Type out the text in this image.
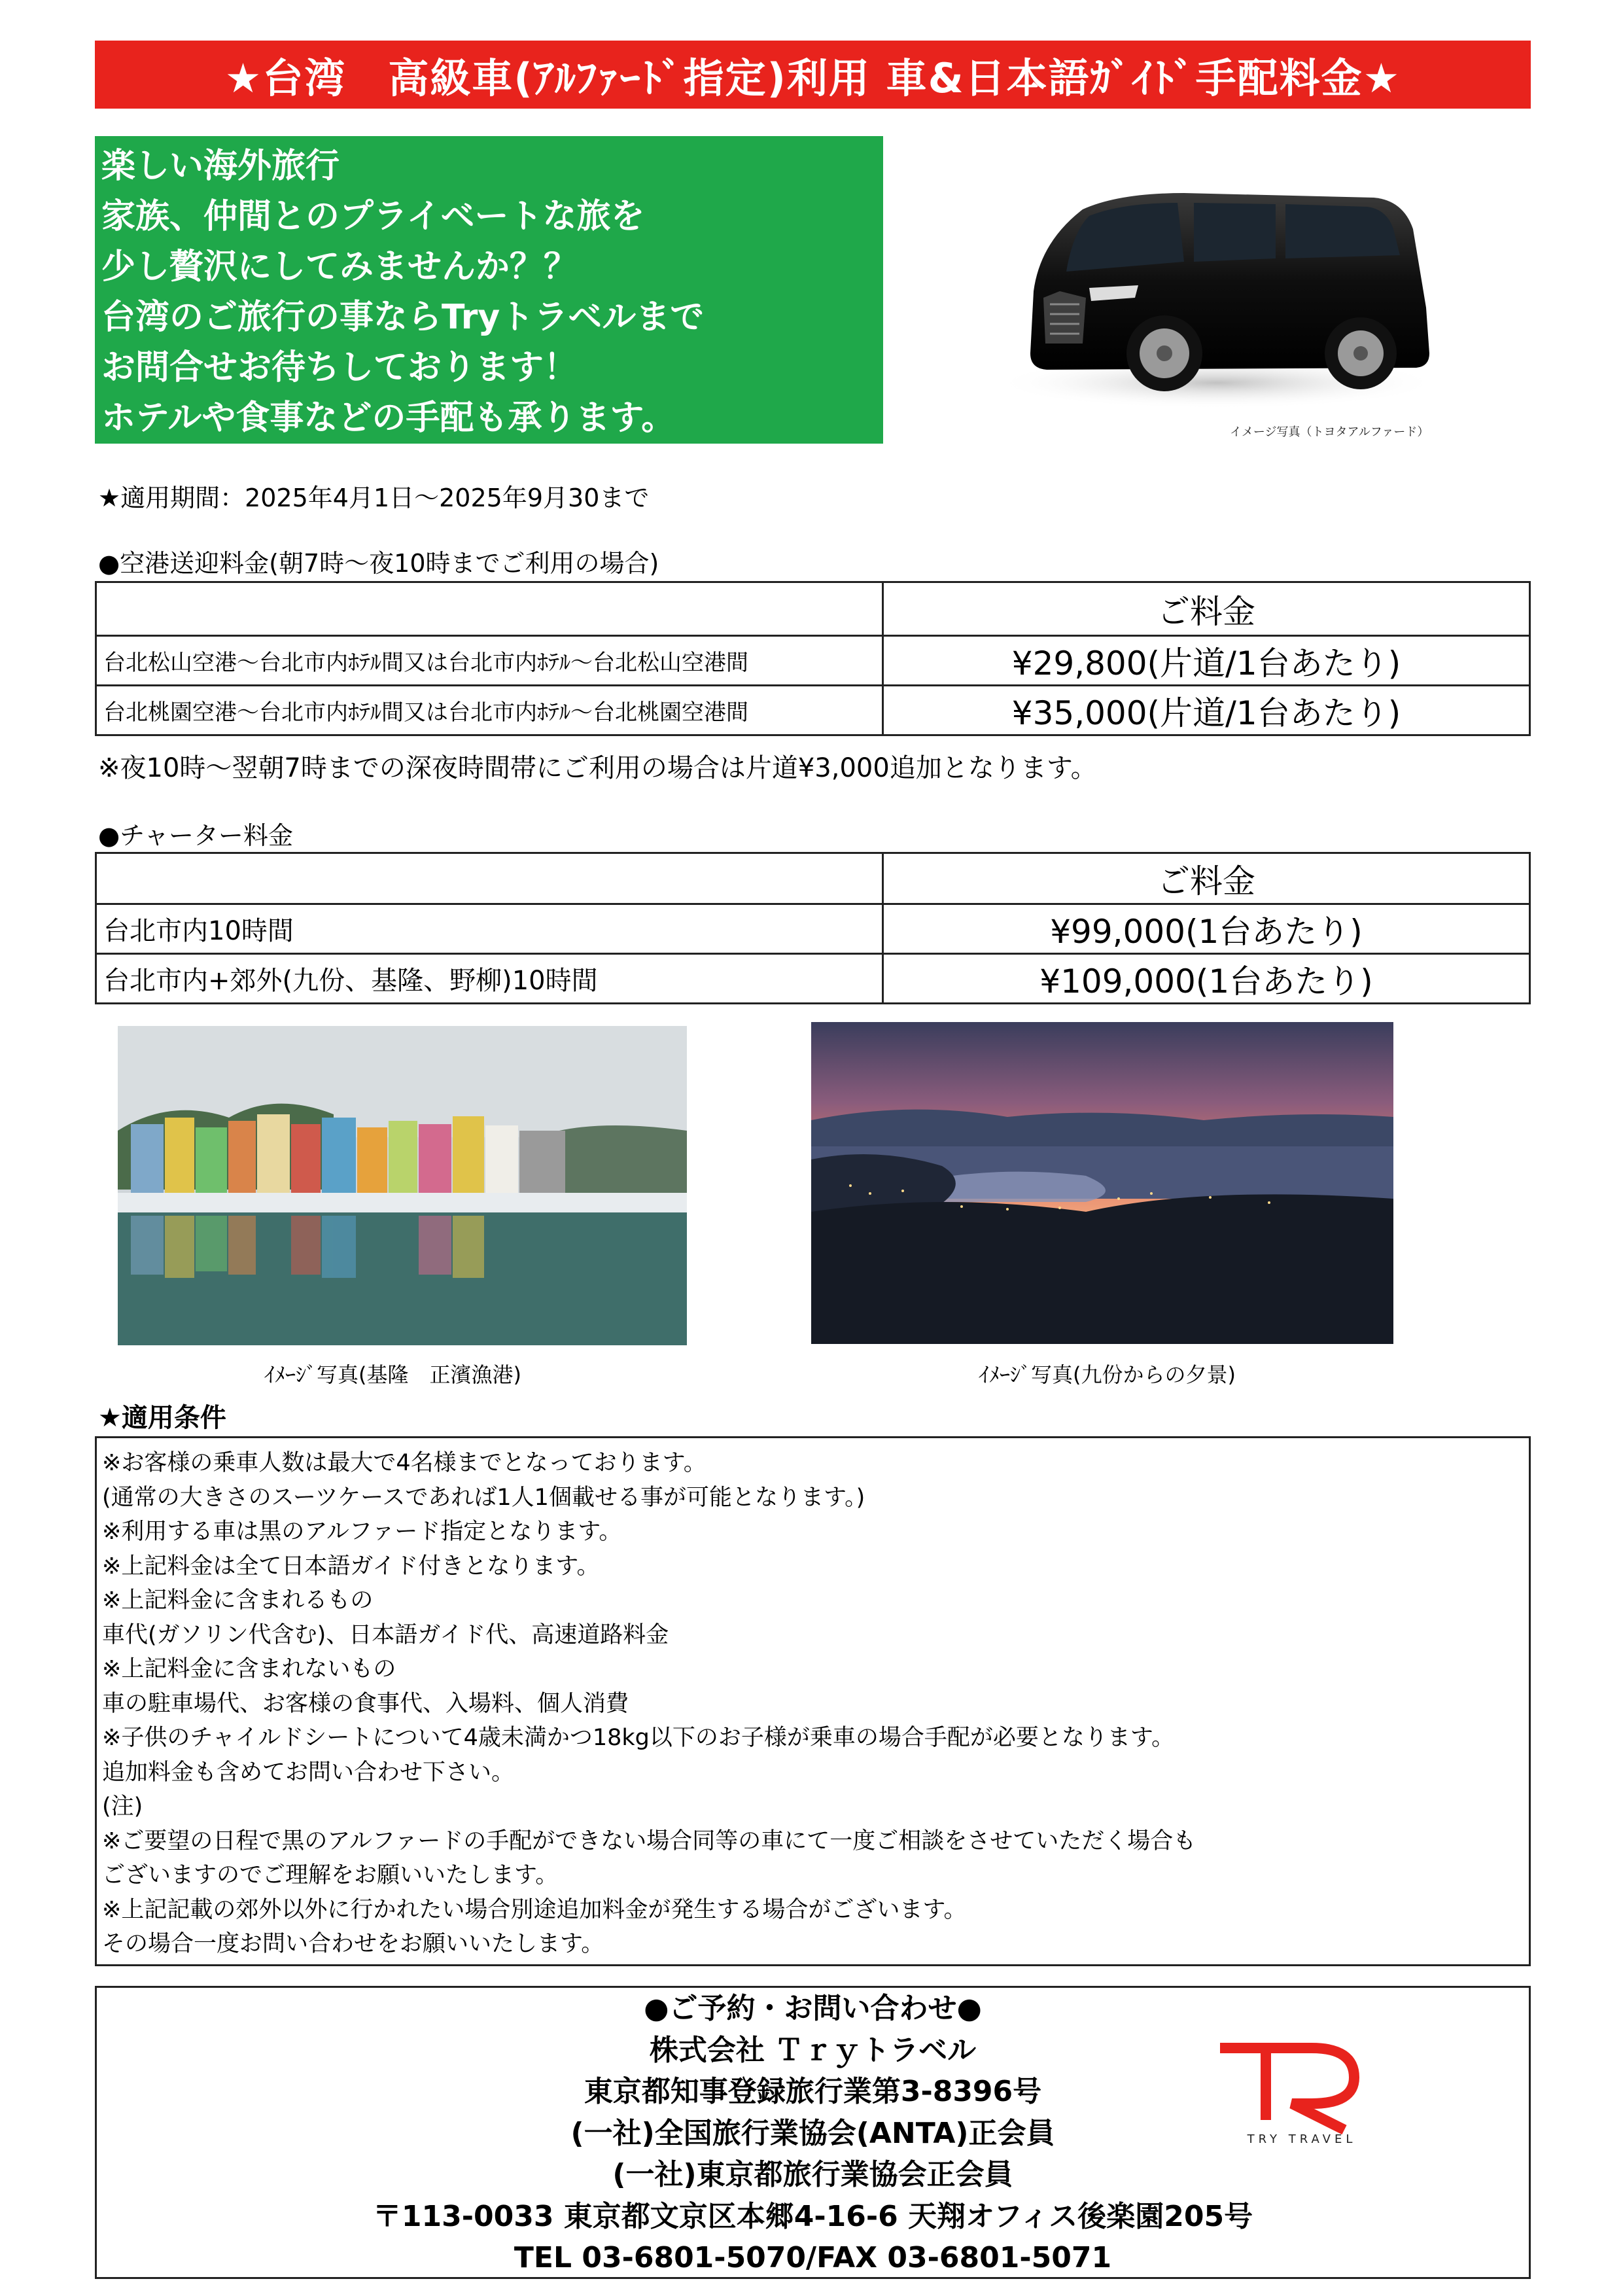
★台湾　高級車(ｱﾙﾌｧｰﾄﾞ指定)利用 車&日本語ｶﾞｲﾄﾞ手配料金★
楽しい海外旅行
家族、仲間とのプライベートな旅を
少し贅沢にしてみませんか？？
台湾のご旅行の事ならTryトラベルまで
お問合せお待ちしております！
ホテルや食事などの手配も承ります。	イメージ写真（トヨタアルファード）
★適用期間：2025年4月1日～2025年9月30まで
●空港送迎料金(朝7時～夜10時までご利用の場合)
	ご料金
台北松山空港～台北市内ﾎﾃﾙ間又は台北市内ﾎﾃﾙ～台北松山空港間	¥29,800(片道/1台あたり)
台北桃園空港～台北市内ﾎﾃﾙ間又は台北市内ﾎﾃﾙ～台北桃園空港間	¥35,000(片道/1台あたり)
※夜10時～翌朝7時までの深夜時間帯にご利用の場合は片道¥3,000追加となります。
●チャーター料金
	ご料金
台北市内10時間	¥99,000(1台あたり)
台北市内+郊外(九份、基隆、野柳)10時間	¥109,000(1台あたり)
ｲﾒｰｼﾞ写真(基隆　正濱漁港)	ｲﾒｰｼﾞ写真(九份からの夕景)
★適用条件
※お客様の乗車人数は最大で4名様までとなっております。
(通常の大きさのスーツケースであれば1人1個載せる事が可能となります。)
※利用する車は黒のアルファード指定となります。
※上記料金は全て日本語ガイド付きとなります。
※上記料金に含まれるもの
車代(ガソリン代含む)、日本語ガイド代、高速道路料金
※上記料金に含まれないもの
車の駐車場代、お客様の食事代、入場料、個人消費
※子供のチャイルドシートについて4歳未満かつ18kg以下のお子様が乗車の場合手配が必要となります。
追加料金も含めてお問い合わせ下さい。
(注)
※ご要望の日程で黒のアルファードの手配ができない場合同等の車にて一度ご相談をさせていただく場合も
ございますのでご理解をお願いいたします。
※上記記載の郊外以外に行かれたい場合別途追加料金が発生する場合がございます。
その場合一度お問い合わせをお願いいたします。
●ご予約・お問い合わせ●
株式会社 Ｔｒｙトラベル
東京都知事登録旅行業第3-8396号
(一社)全国旅行業協会(ANTA)正会員
(一社)東京都旅行業協会正会員
〒113-0033 東京都文京区本郷4-16-6 天翔オフィス後楽園205号
TEL 03-6801-5070/FAX 03-6801-5071
TRY TRAVEL
